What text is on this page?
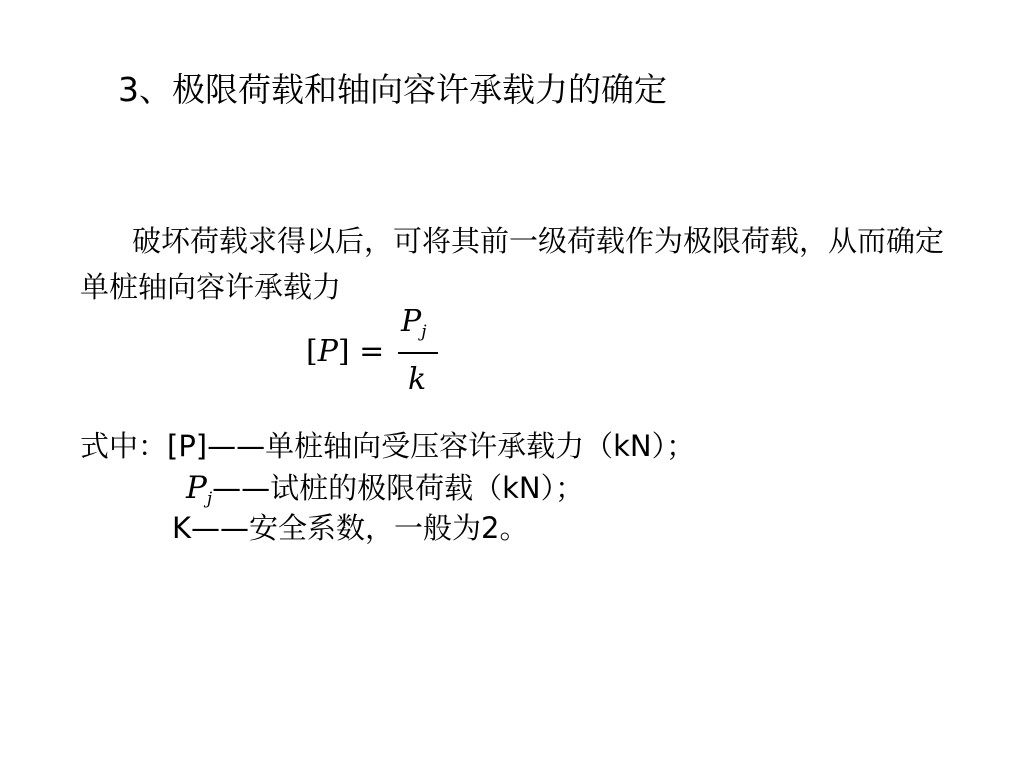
3、极限荷载和轴向容许承载力的确定
破坏荷载求得以后，可将其前一级荷载作为极限荷载，从而确定单桩轴向容许承载力
[P] =
$P_j$
k
式中：[P]——单桩轴向受压容许承载力（kN）；
$P_j——$试桩的极限荷载（kN）；
K——安全系数，一般为2。
